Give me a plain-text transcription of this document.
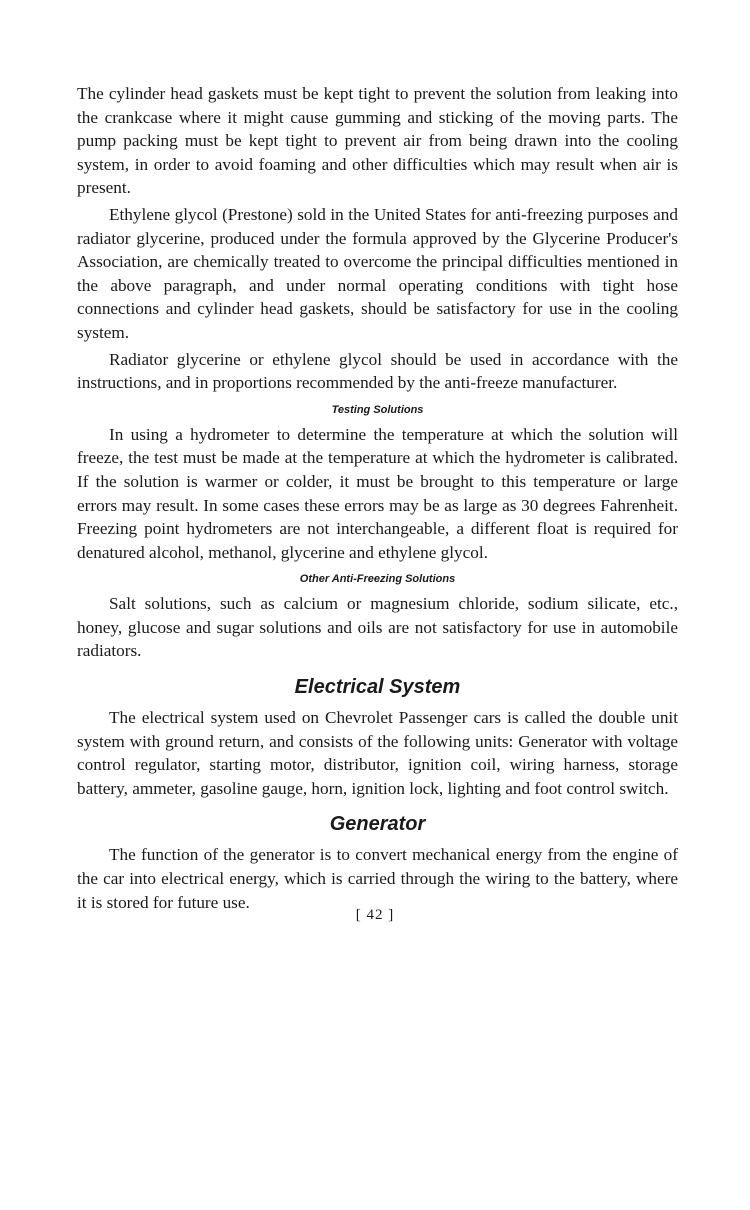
The cylinder head gaskets must be kept tight to prevent the solution from leaking into the crankcase where it might cause gumming and sticking of the moving parts. The pump packing must be kept tight to prevent air from being drawn into the cooling system, in order to avoid foaming and other difficulties which may result when air is present.

Ethylene glycol (Prestone) sold in the United States for anti-freezing purposes and radiator glycerine, produced under the formula approved by the Glycerine Producer's Association, are chemically treated to overcome the principal difficulties mentioned in the above paragraph, and under normal operating conditions with tight hose connections and cylinder head gaskets, should be satisfactory for use in the cooling system.

Radiator glycerine or ethylene glycol should be used in accordance with the instructions, and in proportions recommended by the anti-freeze manufacturer.

Testing Solutions

In using a hydrometer to determine the temperature at which the solution will freeze, the test must be made at the temperature at which the hydrometer is calibrated. If the solution is warmer or colder, it must be brought to this temperature or large errors may result. In some cases these errors may be as large as 30 degrees Fahrenheit. Freezing point hydrometers are not interchangeable, a different float is required for denatured alcohol, methanol, glycerine and ethylene glycol.

Other Anti-Freezing Solutions

Salt solutions, such as calcium or magnesium chloride, sodium silicate, etc., honey, glucose and sugar solutions and oils are not satisfactory for use in automobile radiators.

Electrical System

The electrical system used on Chevrolet Passenger cars is called the double unit system with ground return, and consists of the following units: Generator with voltage control regulator, starting motor, distributor, ignition coil, wiring harness, storage battery, ammeter, gasoline gauge, horn, ignition lock, lighting and foot control switch.

Generator

The function of the generator is to convert mechanical energy from the engine of the car into electrical energy, which is carried through the wiring to the battery, where it is stored for future use.

[ 42 ]
